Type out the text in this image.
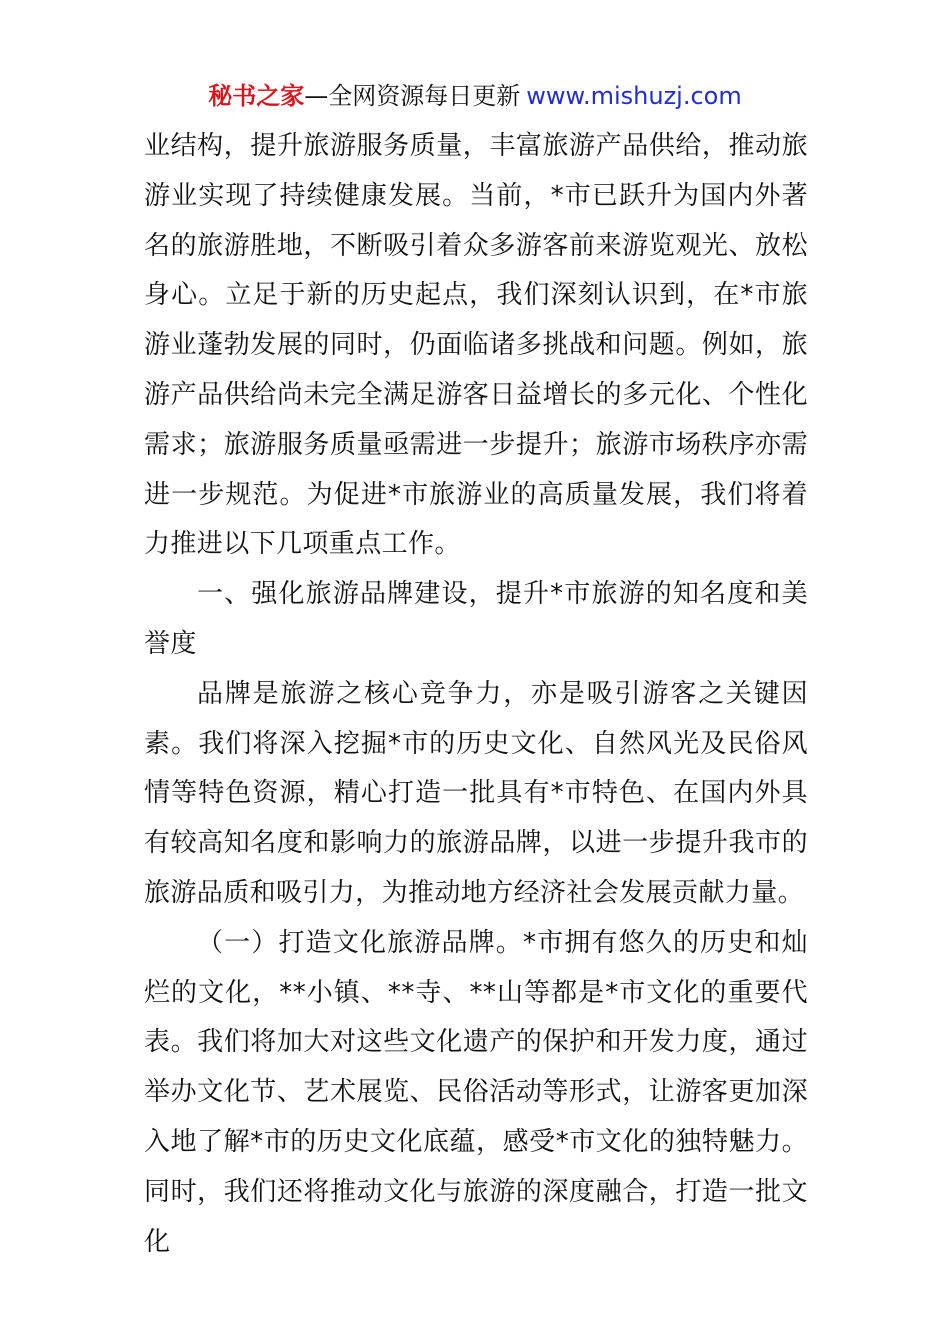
秘书之家—全网资源每日更新 www.mishuzj.com

业结构，提升旅游服务质量，丰富旅游产品供给，推动旅游业实现了持续健康发展。当前，*市已跃升为国内外著名的旅游胜地，不断吸引着众多游客前来游览观光、放松身心。立足于新的历史起点，我们深刻认识到，在*市旅游业蓬勃发展的同时，仍面临诸多挑战和问题。例如，旅游产品供给尚未完全满足游客日益增长的多元化、个性化需求；旅游服务质量亟需进一步提升；旅游市场秩序亦需进一步规范。为促进*市旅游业的高质量发展，我们将着力推进以下几项重点工作。

一、强化旅游品牌建设，提升*市旅游的知名度和美誉度

品牌是旅游之核心竞争力，亦是吸引游客之关键因素。我们将深入挖掘*市的历史文化、自然风光及民俗风情等特色资源，精心打造一批具有*市特色、在国内外具有较高知名度和影响力的旅游品牌，以进一步提升我市的旅游品质和吸引力，为推动地方经济社会发展贡献力量。

（一）打造文化旅游品牌。*市拥有悠久的历史和灿烂的文化，**小镇、**寺、**山等都是*市文化的重要代表。我们将加大对这些文化遗产的保护和开发力度，通过举办文化节、艺术展览、民俗活动等形式，让游客更加深入地了解*市的历史文化底蕴，感受*市文化的独特魅力。同时，我们还将推动文化与旅游的深度融合，打造一批文化
